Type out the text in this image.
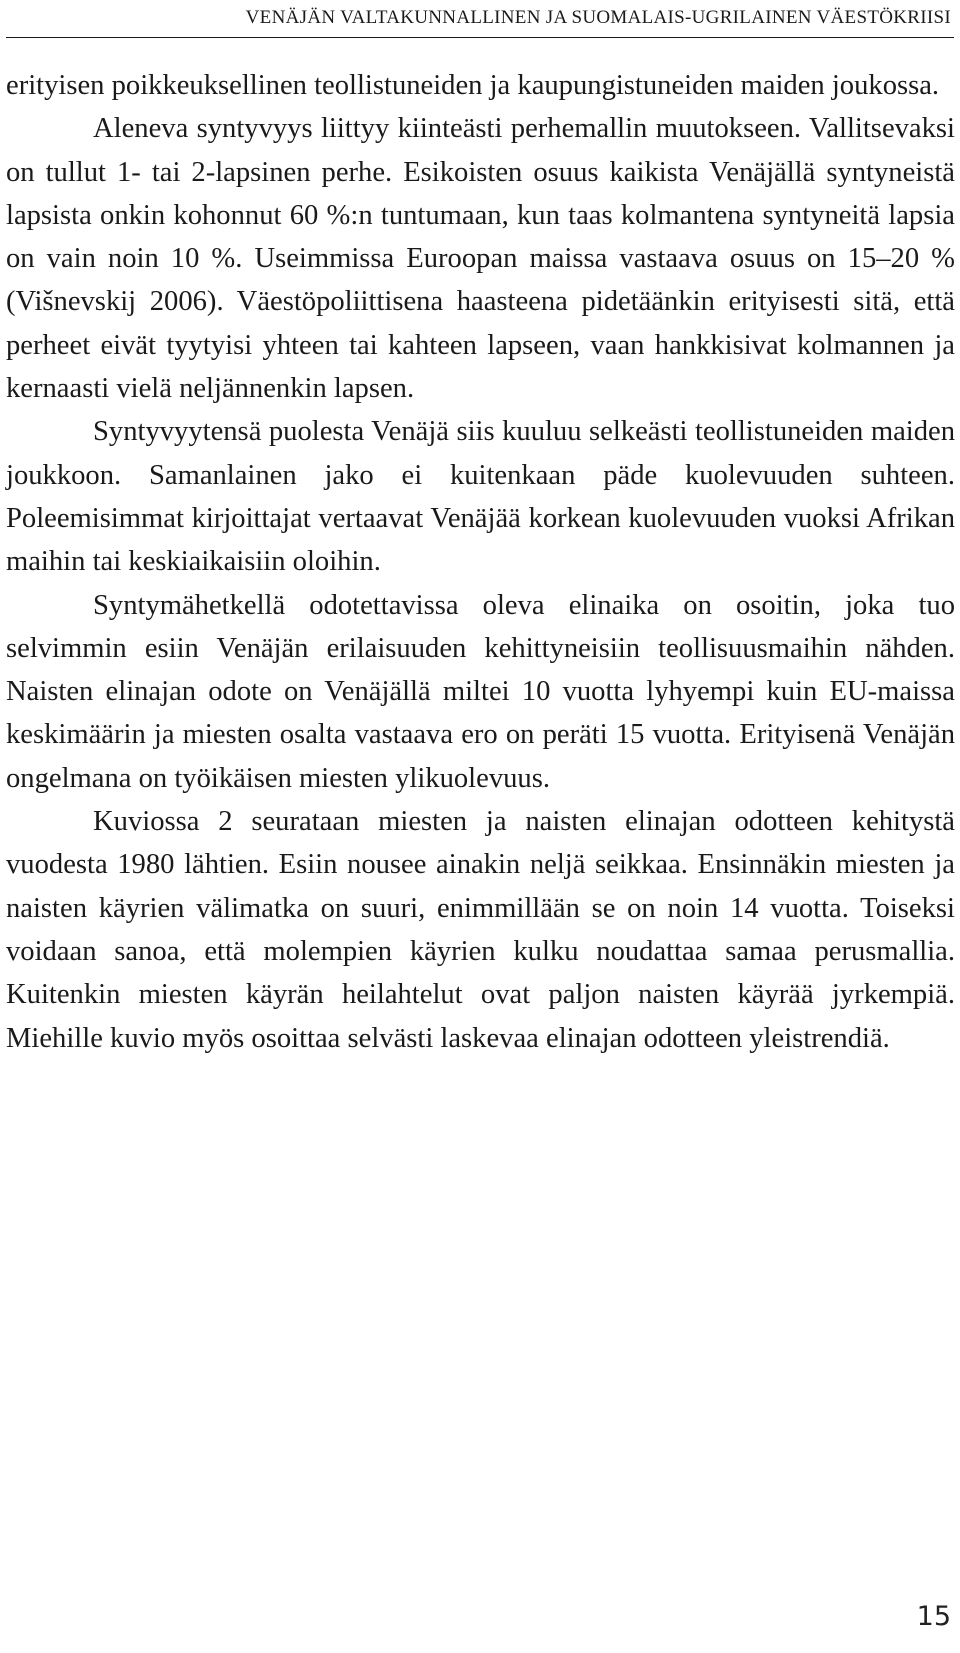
VENÄJÄN VALTAKUNNALLINEN JA SUOMALAIS-UGRILAINEN VÄESTÖKRIISI

erityisen poikkeuksellinen teollistuneiden ja kaupungistuneiden maiden joukossa.

Aleneva syntyvyys liittyy kiinteästi perhemallin muutokseen. Vallitsevaksi on tullut 1- tai 2-lapsinen perhe. Esikoisten osuus kaikista Venäjällä syntyneistä lapsista onkin kohonnut 60 %:n tuntumaan, kun taas kolmantena syntyneitä lapsia on vain noin 10 %. Useimmissa Euroopan maissa vastaava osuus on 15–20 % (Višnevskij 2006). Väestöpoliittisena haasteena pidetäänkin erityisesti sitä, että perheet eivät tyytyisi yhteen tai kahteen lapseen, vaan hankkisivat kolmannen ja kernaasti vielä neljännenkin lapsen.

Syntyvyytensä puolesta Venäjä siis kuuluu selkeästi teollistuneiden maiden joukkoon. Samanlainen jako ei kuitenkaan päde kuolevuuden suhteen. Poleemisimmat kirjoittajat vertaavat Venäjää korkean kuolevuuden vuoksi Afrikan maihin tai keskiaikaisiin oloihin.

Syntymähetkellä odotettavissa oleva elinaika on osoitin, joka tuo selvimmin esiin Venäjän erilaisuuden kehittyneisiin teollisuusmaihin nähden. Naisten elinajan odote on Venäjällä miltei 10 vuotta lyhyempi kuin EU-maissa keskimäärin ja miesten osalta vastaava ero on peräti 15 vuotta. Erityisenä Venäjän ongelmana on työikäisen miesten ylikuolevuus.

Kuviossa 2 seurataan miesten ja naisten elinajan odotteen kehitystä vuodesta 1980 lähtien. Esiin nousee ainakin neljä seikkaa. Ensinnäkin miesten ja naisten käyrien välimatka on suuri, enimmillään se on noin 14 vuotta. Toiseksi voidaan sanoa, että molempien käyrien kulku noudattaa samaa perusmallia. Kuitenkin miesten käyrän heilahtelut ovat paljon naisten käyrää jyrkempiä. Miehille kuvio myös osoittaa selvästi laskevaa elinajan odotteen yleistrendiä.

15
